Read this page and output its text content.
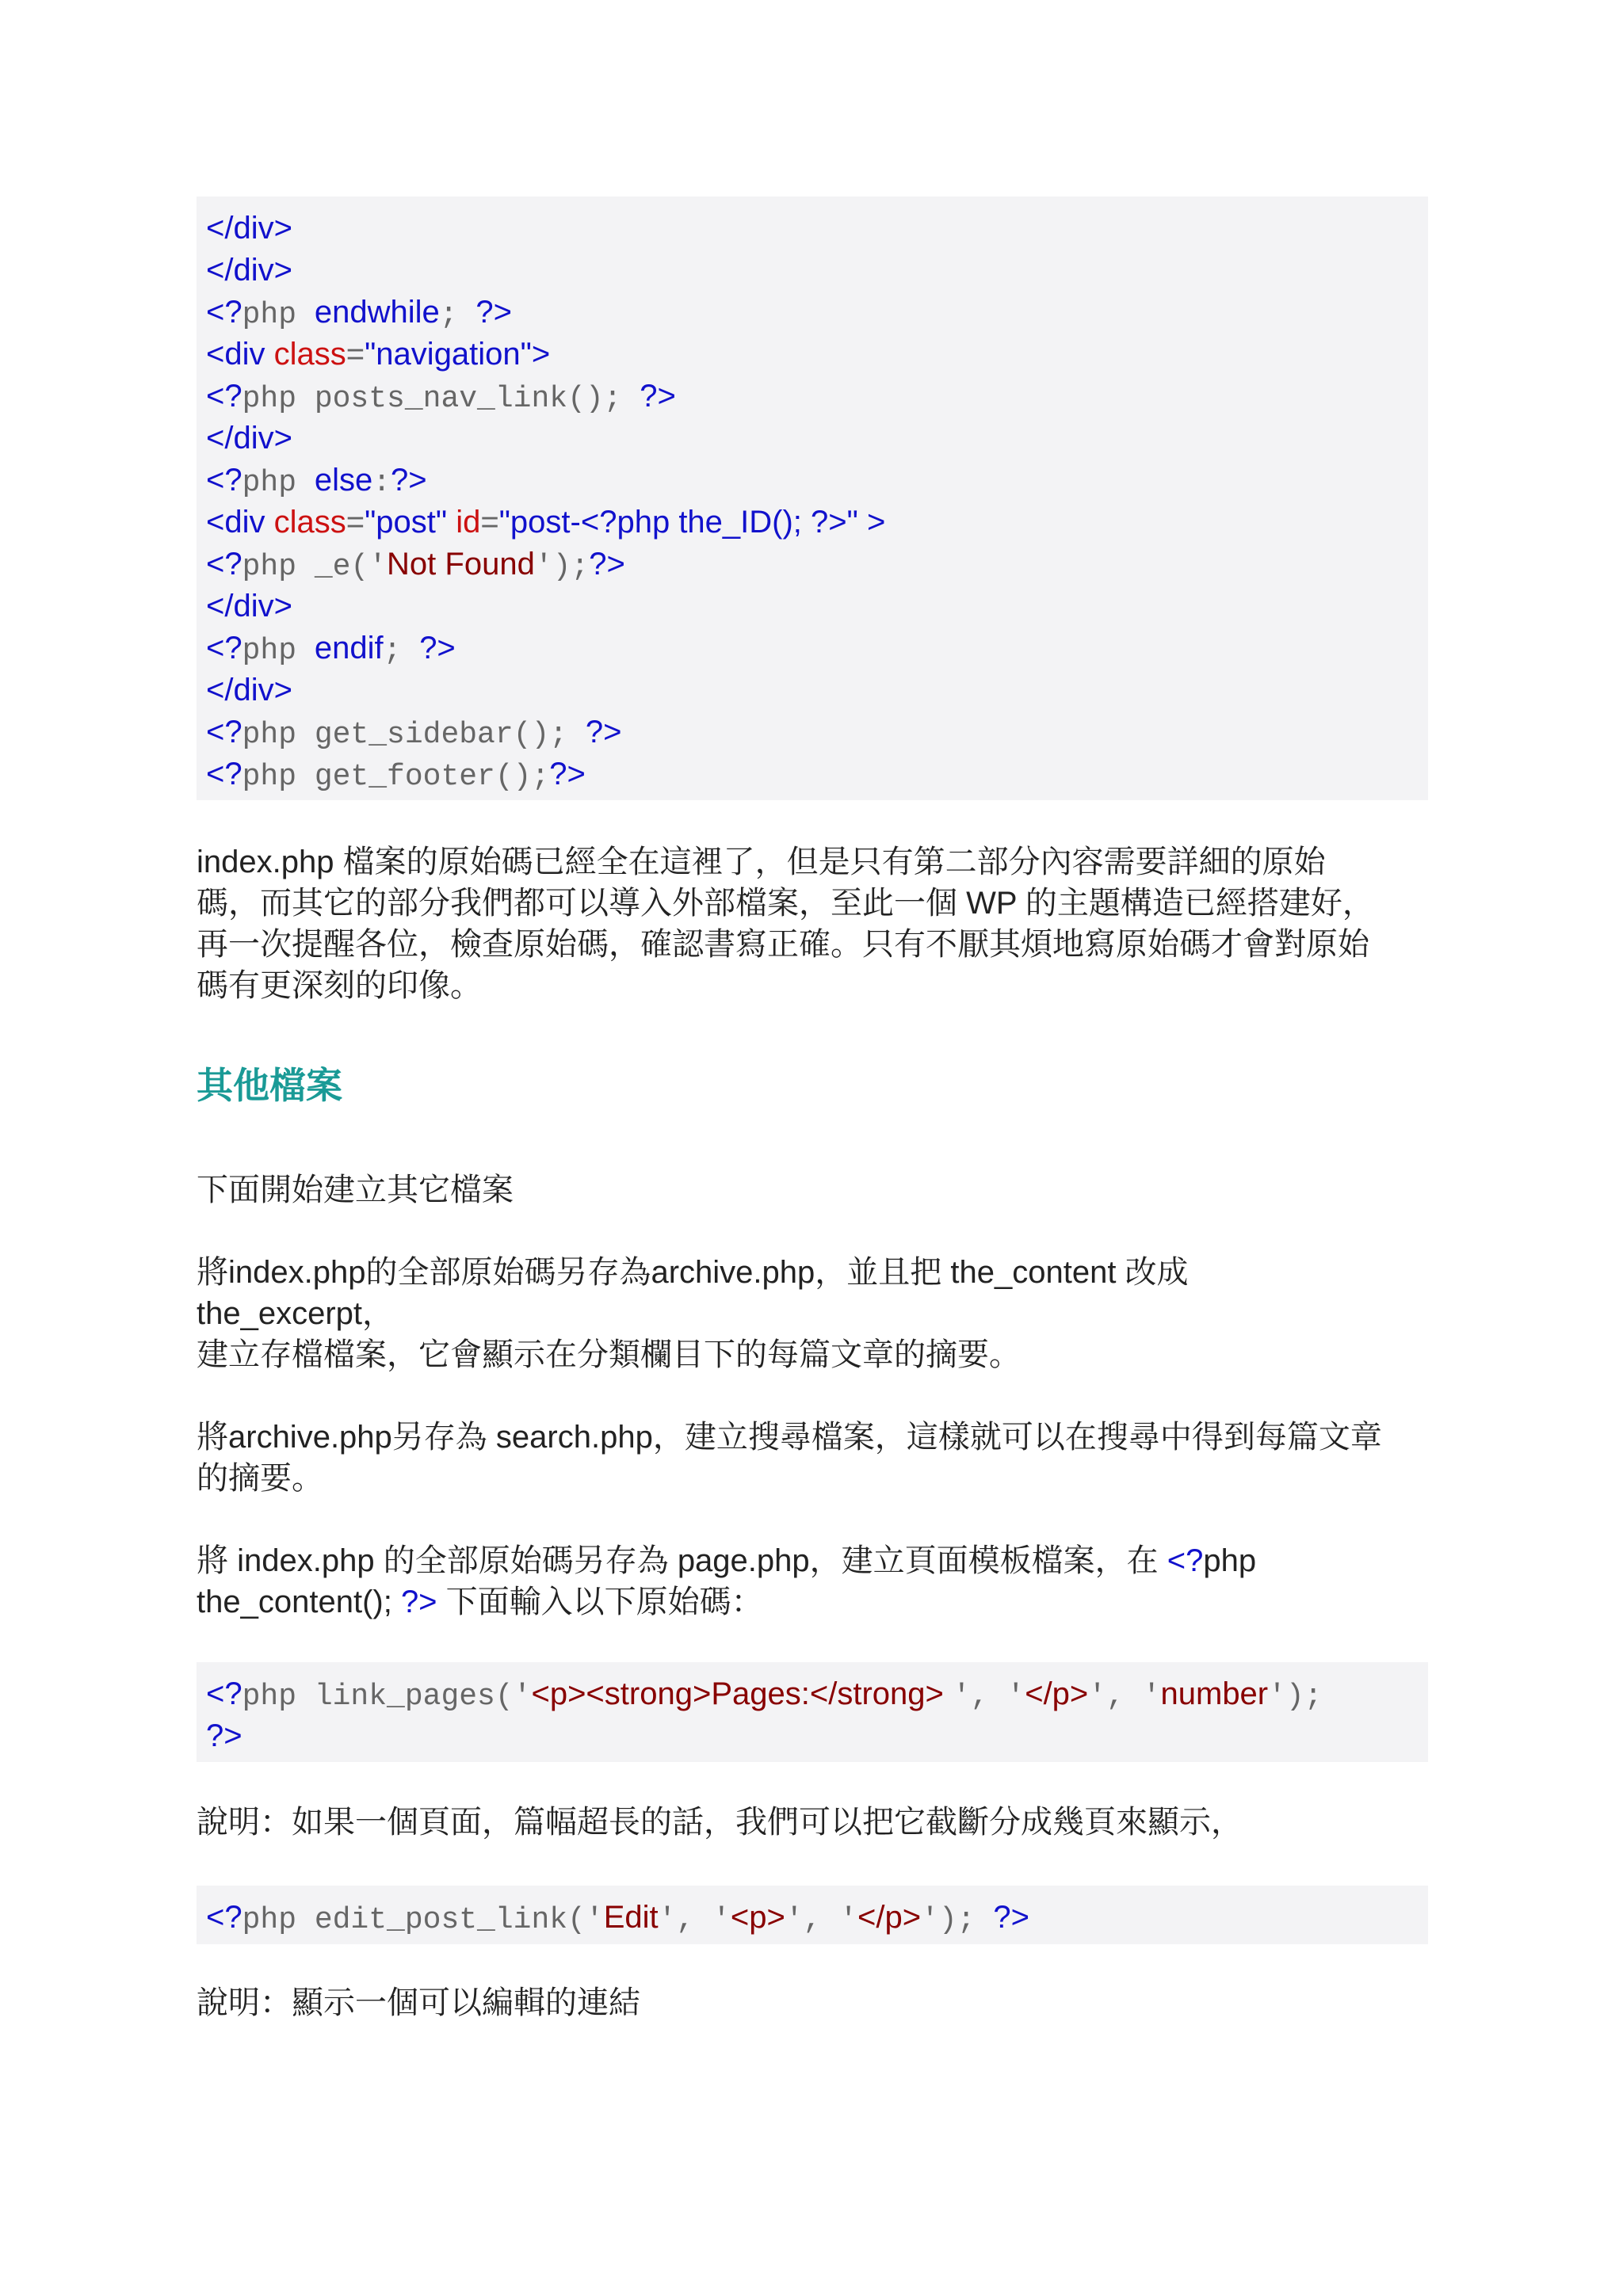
</div>
</div>
<?php endwhile; ?>
<div class="navigation">
<?php posts_nav_link(); ?>
</div>
<?php else:?>
<div class="post" id="post-<?php the_ID(); ?>" >
<?php _e('Not Found');?>
</div>
<?php endif; ?>
</div>
<?php get_sidebar(); ?>
<?php get_footer();?>

index.php 檔案的原始碼已經全在這裡了，但是只有第二部分內容需要詳細的原始
碼，而其它的部分我們都可以導入外部檔案，至此一個 WP 的主題構造已經搭建好，
再一次提醒各位，檢查原始碼，確認書寫正確。只有不厭其煩地寫原始碼才會對原始
碼有更深刻的印像。

其他檔案

下面開始建立其它檔案

將index.php的全部原始碼另存為archive.php，並且把 the_content 改成
the_excerpt，
建立存檔檔案，它會顯示在分類欄目下的每篇文章的摘要。

將archive.php另存為 search.php，建立搜尋檔案，這樣就可以在搜尋中得到每篇文章
的摘要。

將 index.php 的全部原始碼另存為 page.php，建立頁面模板檔案，在 <?php
the_content(); ?> 下面輸入以下原始碼：

<?php link_pages('<p><strong>Pages:</strong> ', '</p>', 'number');
?>

說明：如果一個頁面，篇幅超長的話，我們可以把它截斷分成幾頁來顯示，

<?php edit_post_link('Edit', '<p>', '</p>'); ?>

說明：顯示一個可以編輯的連結
